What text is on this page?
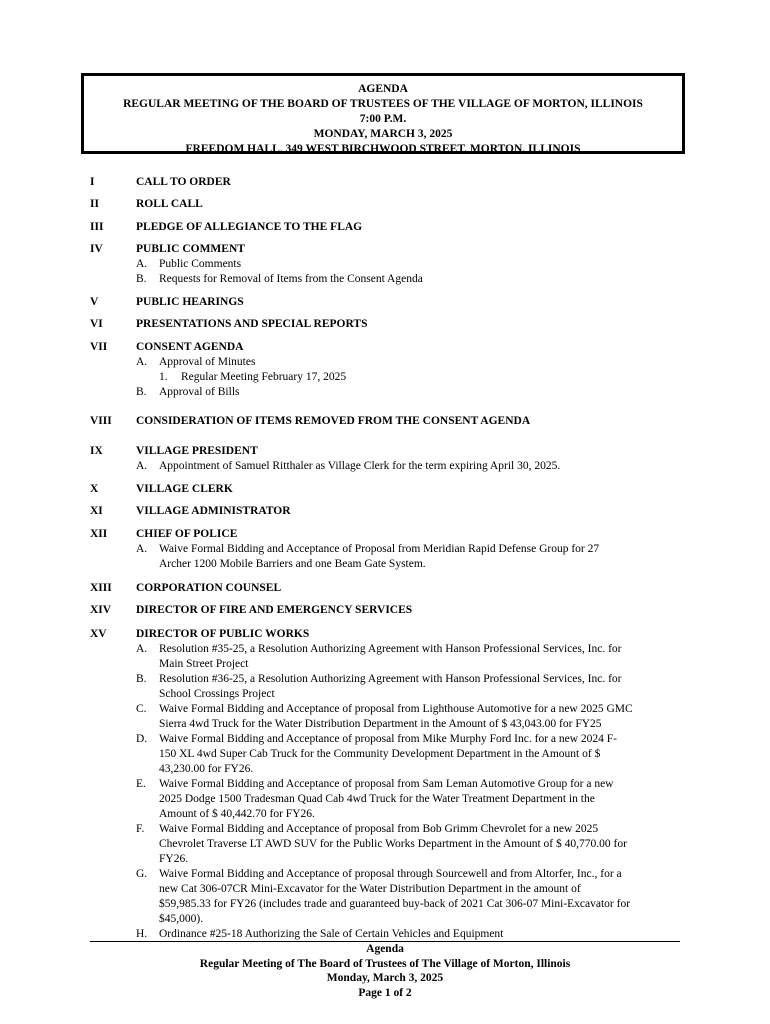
AGENDA
REGULAR MEETING OF THE BOARD OF TRUSTEES OF THE VILLAGE OF MORTON, ILLINOIS
7:00 P.M.
MONDAY, MARCH 3, 2025
FREEDOM HALL, 349 WEST BIRCHWOOD STREET, MORTON, ILLINOIS
I	CALL TO ORDER
II	ROLL CALL
III	PLEDGE OF ALLEGIANCE TO THE FLAG
IV	PUBLIC COMMENT
A. Public Comments
B. Requests for Removal of Items from the Consent Agenda
V	PUBLIC HEARINGS
VI	PRESENTATIONS AND SPECIAL REPORTS
VII CONSENT AGENDA
A. Approval of Minutes
1. Regular Meeting February 17, 2025
B. Approval of Bills
VIII CONSIDERATION OF ITEMS REMOVED FROM THE CONSENT AGENDA
IX	VILLAGE PRESIDENT
A. Appointment of Samuel Ritthaler as Village Clerk for the term expiring April 30, 2025.
X	VILLAGE CLERK
XI	VILLAGE ADMINISTRATOR
XII CHIEF OF POLICE
A. Waive Formal Bidding and Acceptance of Proposal from Meridian Rapid Defense Group for 27
Archer 1200 Mobile Barriers and one Beam Gate System.
XIII CORPORATION COUNSEL
XIV DIRECTOR OF FIRE AND EMERGENCY SERVICES
XV	DIRECTOR OF PUBLIC WORKS
A. Resolution #35-25, a Resolution Authorizing Agreement with Hanson Professional Services, Inc. for
Main Street Project
B. Resolution #36-25, a Resolution Authorizing Agreement with Hanson Professional Services, Inc. for
School Crossings Project
C. Waive Formal Bidding and Acceptance of proposal from Lighthouse Automotive for a new 2025 GMC
Sierra 4wd Truck for the Water Distribution Department in the Amount of $ 43,043.00 for FY25
D. Waive Formal Bidding and Acceptance of proposal from Mike Murphy Ford Inc. for a new 2024 F-
150 XL 4wd Super Cab Truck for the Community Development Department in the Amount of $
43,230.00 for FY26.
E. Waive Formal Bidding and Acceptance of proposal from Sam Leman Automotive Group for a new
2025 Dodge 1500 Tradesman Quad Cab 4wd Truck for the Water Treatment Department in the
Amount of $ 40,442.70 for FY26.
F. Waive Formal Bidding and Acceptance of proposal from Bob Grimm Chevrolet for a new 2025
Chevrolet Traverse LT AWD SUV for the Public Works Department in the Amount of $ 40,770.00 for
FY26.
G. Waive Formal Bidding and Acceptance of proposal through Sourcewell and from Altorfer, Inc., for a
new Cat 306-07CR Mini-Excavator for the Water Distribution Department in the amount of
$59,985.33 for FY26 (includes trade and guaranteed buy-back of 2021 Cat 306-07 Mini-Excavator for
$45,000).
H. Ordinance #25-18 Authorizing the Sale of Certain Vehicles and Equipment
Agenda
Regular Meeting of The Board of Trustees of The Village of Morton, Illinois
Monday, March 3, 2025
Page 1 of 2
